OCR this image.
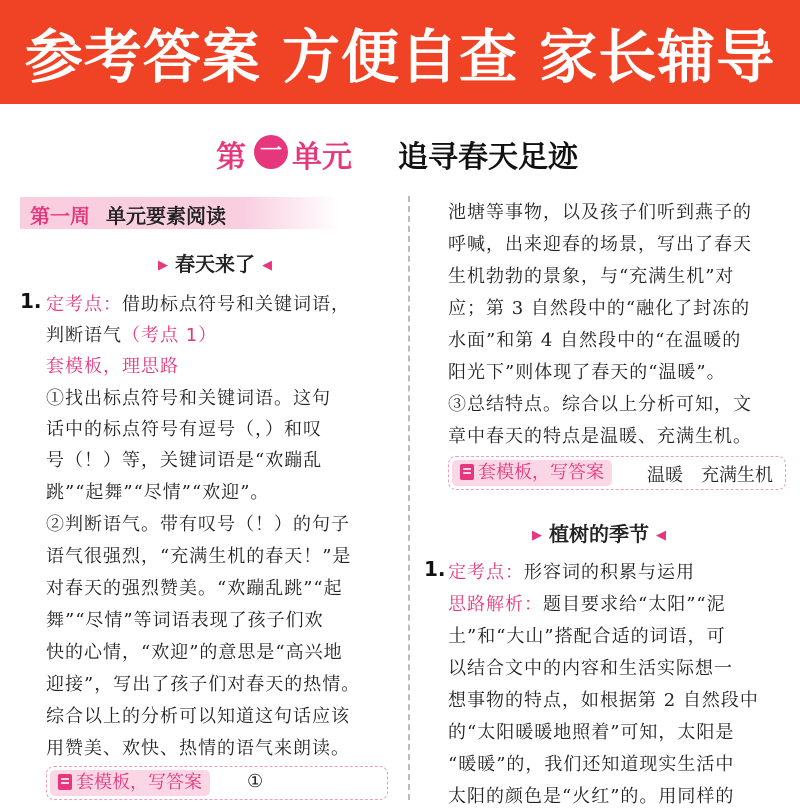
参考答案 方便自查 家长辅导
第 一 单元 追寻春天足迹
第一周 单元要素阅读
▶ 春天来了 ◀
1. 定考点：借助标点符号和关键词语，
判断语气（考点 1）
套模板，理思路
①找出标点符号和关键词语。这句
话中的标点符号有逗号（，）和叹
号（！）等，关键词语是“欢蹦乱
跳”“起舞”“尽情”“欢迎”。
②判断语气。带有叹号（！）的句子
语气很强烈，“充满生机的春天！”是
对春天的强烈赞美。“欢蹦乱跳”“起
舞”“尽情”等词语表现了孩子们欢
快的心情，“欢迎”的意思是“高兴地
迎接”，写出了孩子们对春天的热情。
综合以上的分析可以知道这句话应该
用赞美、欢快、热情的语气来朗读。
套模板，写答案	①
池塘等事物，以及孩子们听到燕子的
呼喊，出来迎春的场景，写出了春天
生机勃勃的景象，与“充满生机”对
应；第 3 自然段中的“融化了封冻的
水面”和第 4 自然段中的“在温暖的
阳光下”则体现了春天的“温暖”。
③总结特点。综合以上分析可知，文
章中春天的特点是温暖、充满生机。
套模板，写答案	温暖　充满生机
▶ 植树的季节 ◀
1. 定考点：形容词的积累与运用
思路解析：题目要求给“太阳”“泥
土”和“大山”搭配合适的词语，可
以结合文中的内容和生活实际想一
想事物的特点，如根据第 2 自然段中
的“太阳暖暖地照着”可知，太阳是
“暖暖”的，我们还知道现实生活中
太阳的颜色是“火红”的。用同样的
